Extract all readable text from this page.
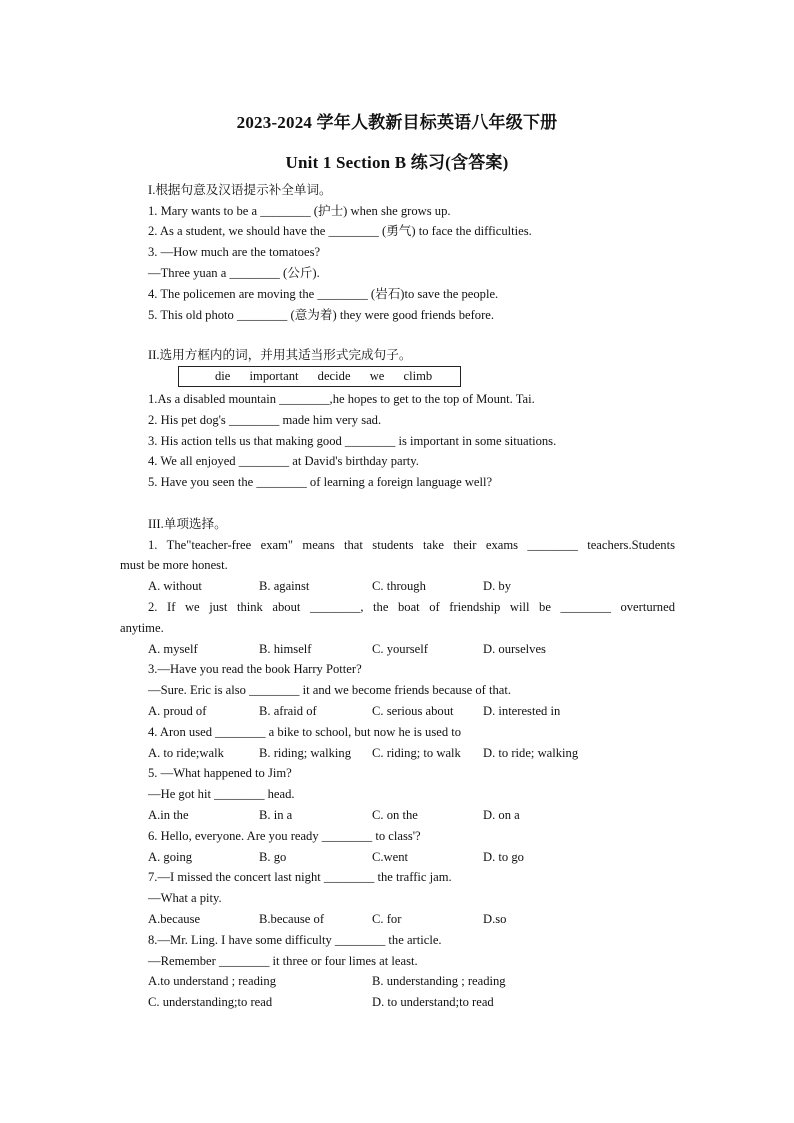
2023-2024 学年人教新目标英语八年级下册
Unit 1 Section B 练习(含答案)
I.根据句意及汉语提示补全单词。
1. Mary wants to be a ________ (护士) when she grows up.
2. As a student, we should have the ________ (勇气) to face the difficulties.
3. —How much are the tomatoes?
—Three yuan a ________ (公斤).
4. The policemen are moving the ________ (岩石)to save the people.
5. This old photo ________ (意为着) they were good friends before.
II.选用方框内的词，并用其适当形式完成句子。
die important decide we climb
1.As a disabled mountain ________,he hopes to get to the top of Mount. Tai.
2. His pet dog's ________ made him very sad.
3. His action tells us that making good ________ is important in some situations.
4. We all enjoyed ________ at David's birthday party.
5. Have you seen the ________ of learning a foreign language well?
III.单项选择。
1. The"teacher-free exam" means that students take their exams ________ teachers.Students
must be more honest.
A. without	B. against	C. through	D. by
2. If we just think about ________, the boat of friendship will be ________ overturned
anytime.
A. myself	B. himself	C. yourself	D. ourselves
3.—Have you read the book Harry Potter?
—Sure. Eric is also ________ it and we become friends because of that.
A. proud of	B. afraid of	C. serious about D. interested in
4. Aron used ________ a bike to school, but now he is used to
A. to ride;walk	B. riding; walking C. riding; to walk D. to ride; walking
5. —What happened to Jim?
—He got hit ________ head.
A.in the	B. in a	C. on the	D. on a
6. Hello, everyone. Are you ready ________ to class'?
A. going	B. go	C.went	D. to go
7.—I missed the concert last night ________ the traffic jam.
—What a pity.
A.because	B.because of	C. for	D.so
8.—Mr. Ling. I have some difficulty ________ the article.
—Remember ________ it three or four limes at least.
A.to understand ; reading	B. understanding ; reading
C. understanding;to read	D. to understand;to read
